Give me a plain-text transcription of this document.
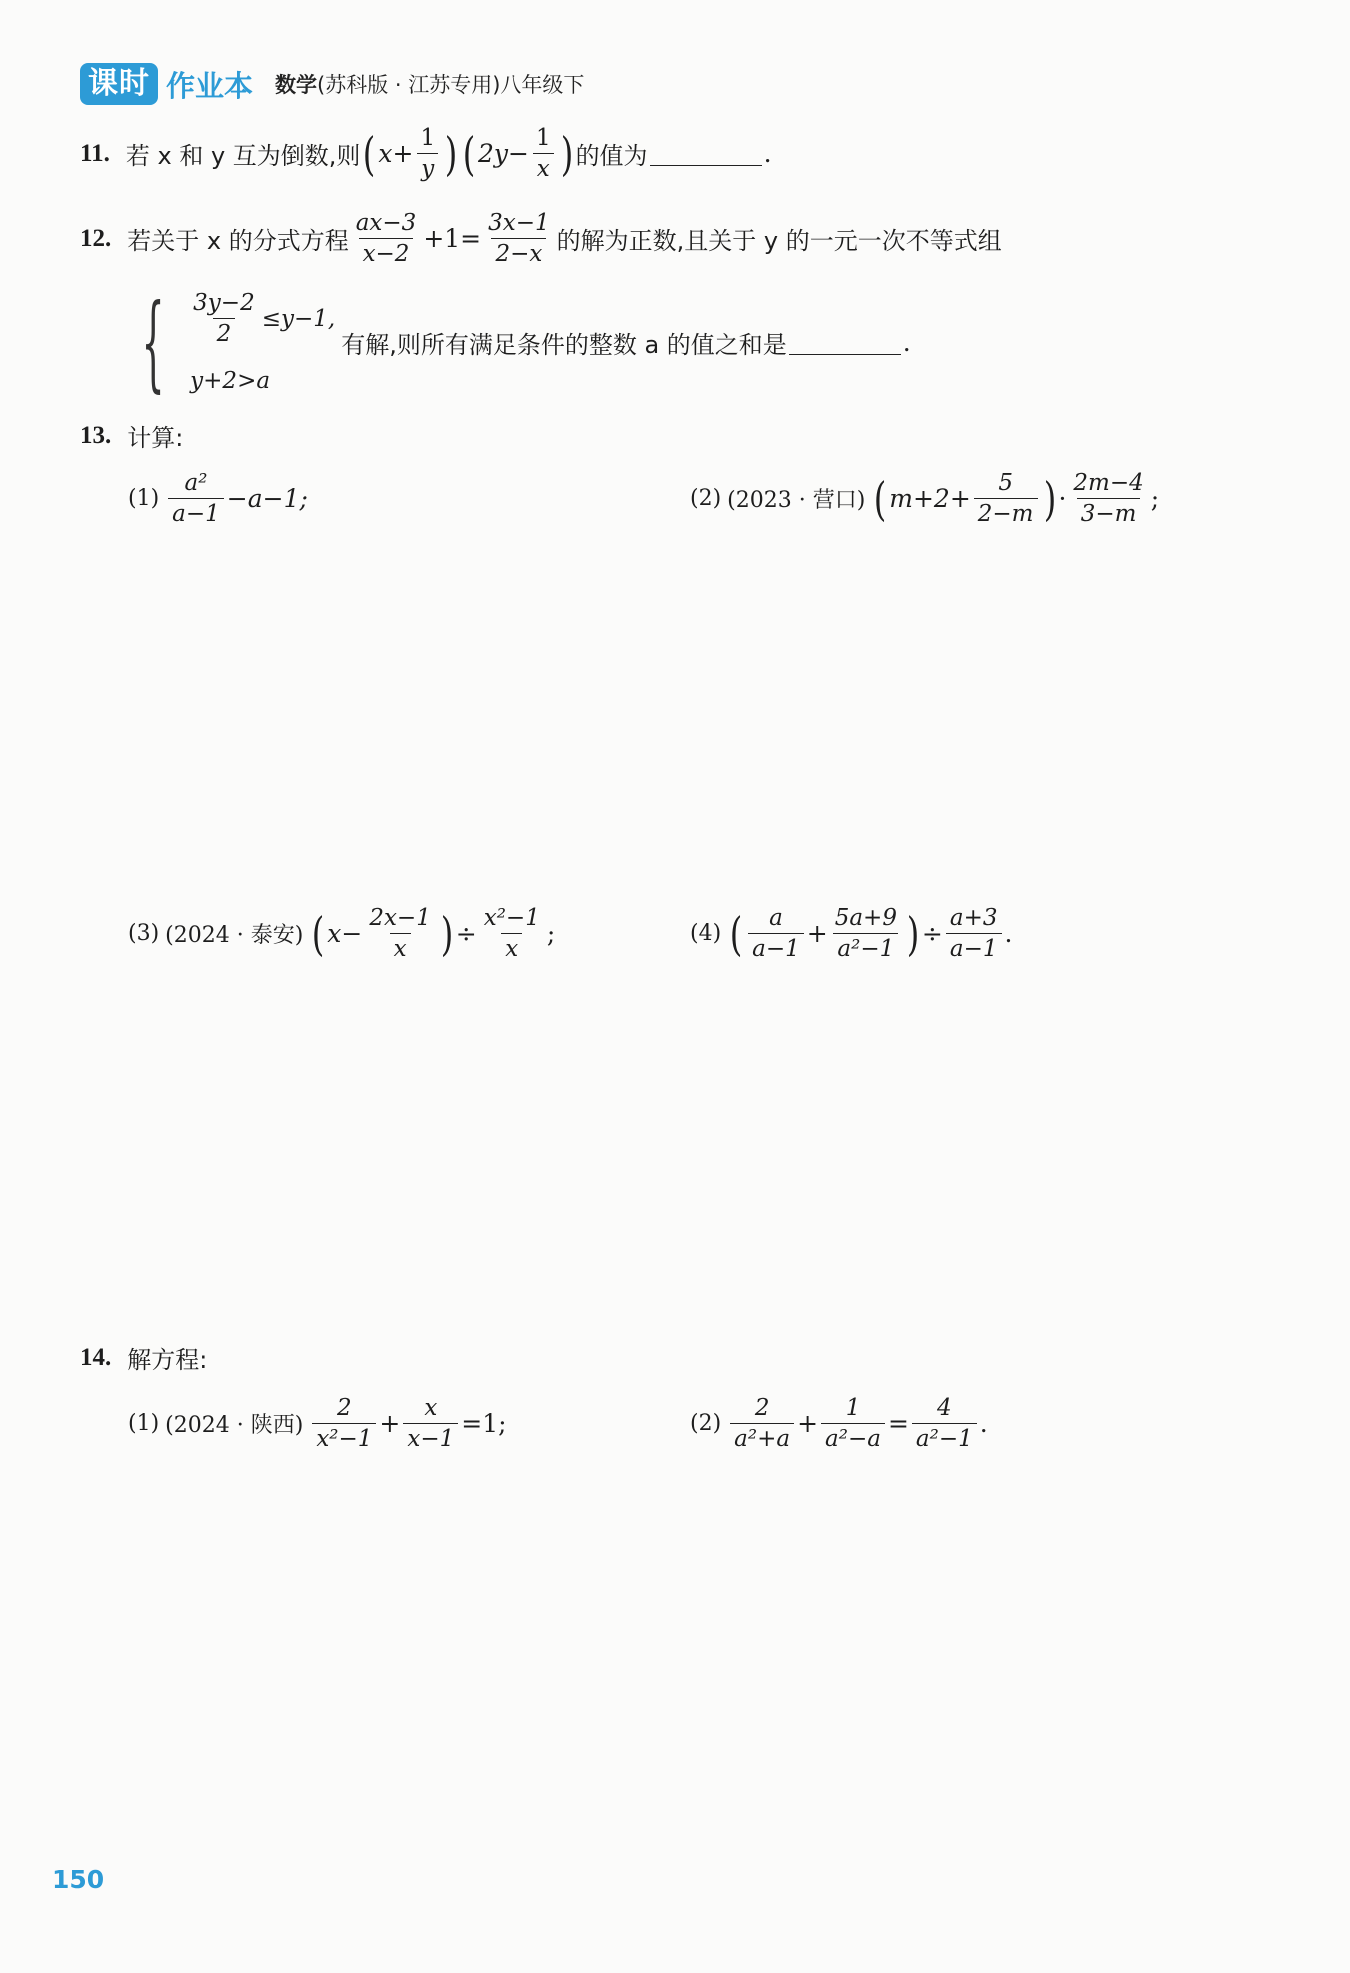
课时 作业本 数学(苏科版 · 江苏专用)八年级下
11. 若 x 和 y 互为倒数,则 ( $x+ \frac{1}{y}$ ) ( $2y- \frac{1}{x}$ ) 的值为	.
12. 若关于 x 的分式方程 $\frac{ax-3}{x-2} +1= \frac{3x-1}{2-x}$ 的解为正数,且关于 y 的一元一次不等式组
{ $\frac{3y-2}{2} \le y-1$,
y+2>a
有解,则所有满足条件的整数 a 的值之和是	.
13. 计算:
$(1) \frac{\text{a²}}{a-1} -a-1$;	(2) (2023 · 营口) ( $m+2+ \frac{5}{2-m}$ ) · $\frac{2m-4}{3-m}$ ;
(3) (2024 · 泰安) ( $x- \frac{2x-1}{x}$ ) ÷ $\frac{\text{x²−1}}{x}$ ;	(4) ( $\frac{a}{a-1} + \frac{5a+9}{\text{a²−1}}$ ) ÷ $\frac{a+3}{a-1}$ .
14. 解方程:
(1) (2024 · 陕西) $\frac{2}{\text{x²−1}} + \frac{x}{x-1} =1$;	$(2) \frac{2}{\text{a²+a}} + \frac{1}{\text{a²−a}} = \frac{4}{\text{a²−1}}$ .
150
